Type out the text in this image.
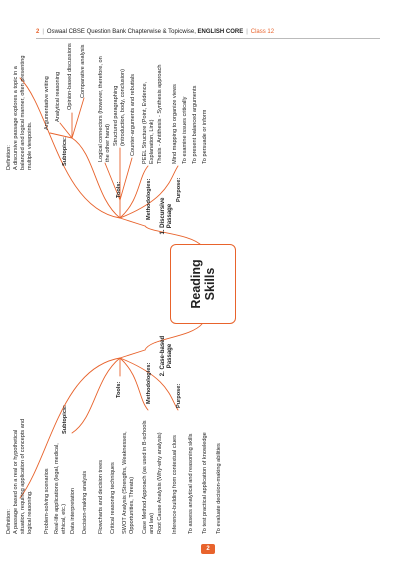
2 | Oswaal CBSE Question Bank Chapterwise & Topicwise, ENGLISH CORE | Class 12
Reading Skills
1. Discursive Passage
Definition:
A discursive passage explores a topic in a balanced and logical manner, often presenting multiple viewpoints.
Subtopics:
Argumentative writing Analytical reasoning Opinion-based discussions Comparative analysis
Tools:
Logical connectors (however, therefore, on the other hand) Structured paragraphing (introduction, body, conclusion) Counter-arguments and rebuttals
Methodologies:
PEEL Structure (Point, Evidence, Explanation, Link) Thesis - Antithesis - Synthesis approach Mind mapping to organize views
Purpose:
To examine issues critically To present balanced arguments To persuade or inform
2. Case-based Passage
Definition:
A passage based on a real or hypothetical situation, requiring application of concepts and logical reasoning.
Subtopics:
Problem-solving scenarios Real-life applications (legal, medical, ethical, etc.) Data interpretation Decision-making analysis
Tools:
Flowcharts and decision trees Critical reasoning techniques SWOT Analysis (Strengths, Weaknesses, Opportunities, Threats)
Methodologies:
Case Method Approach (as used in B-schools and law) Root Cause Analysis (Why-why analysis) Inference-building from contextual clues
Purpose:
To assess analytical and reasoning skills To test practical application of knowledge To evaluate decision-making abilities
2
